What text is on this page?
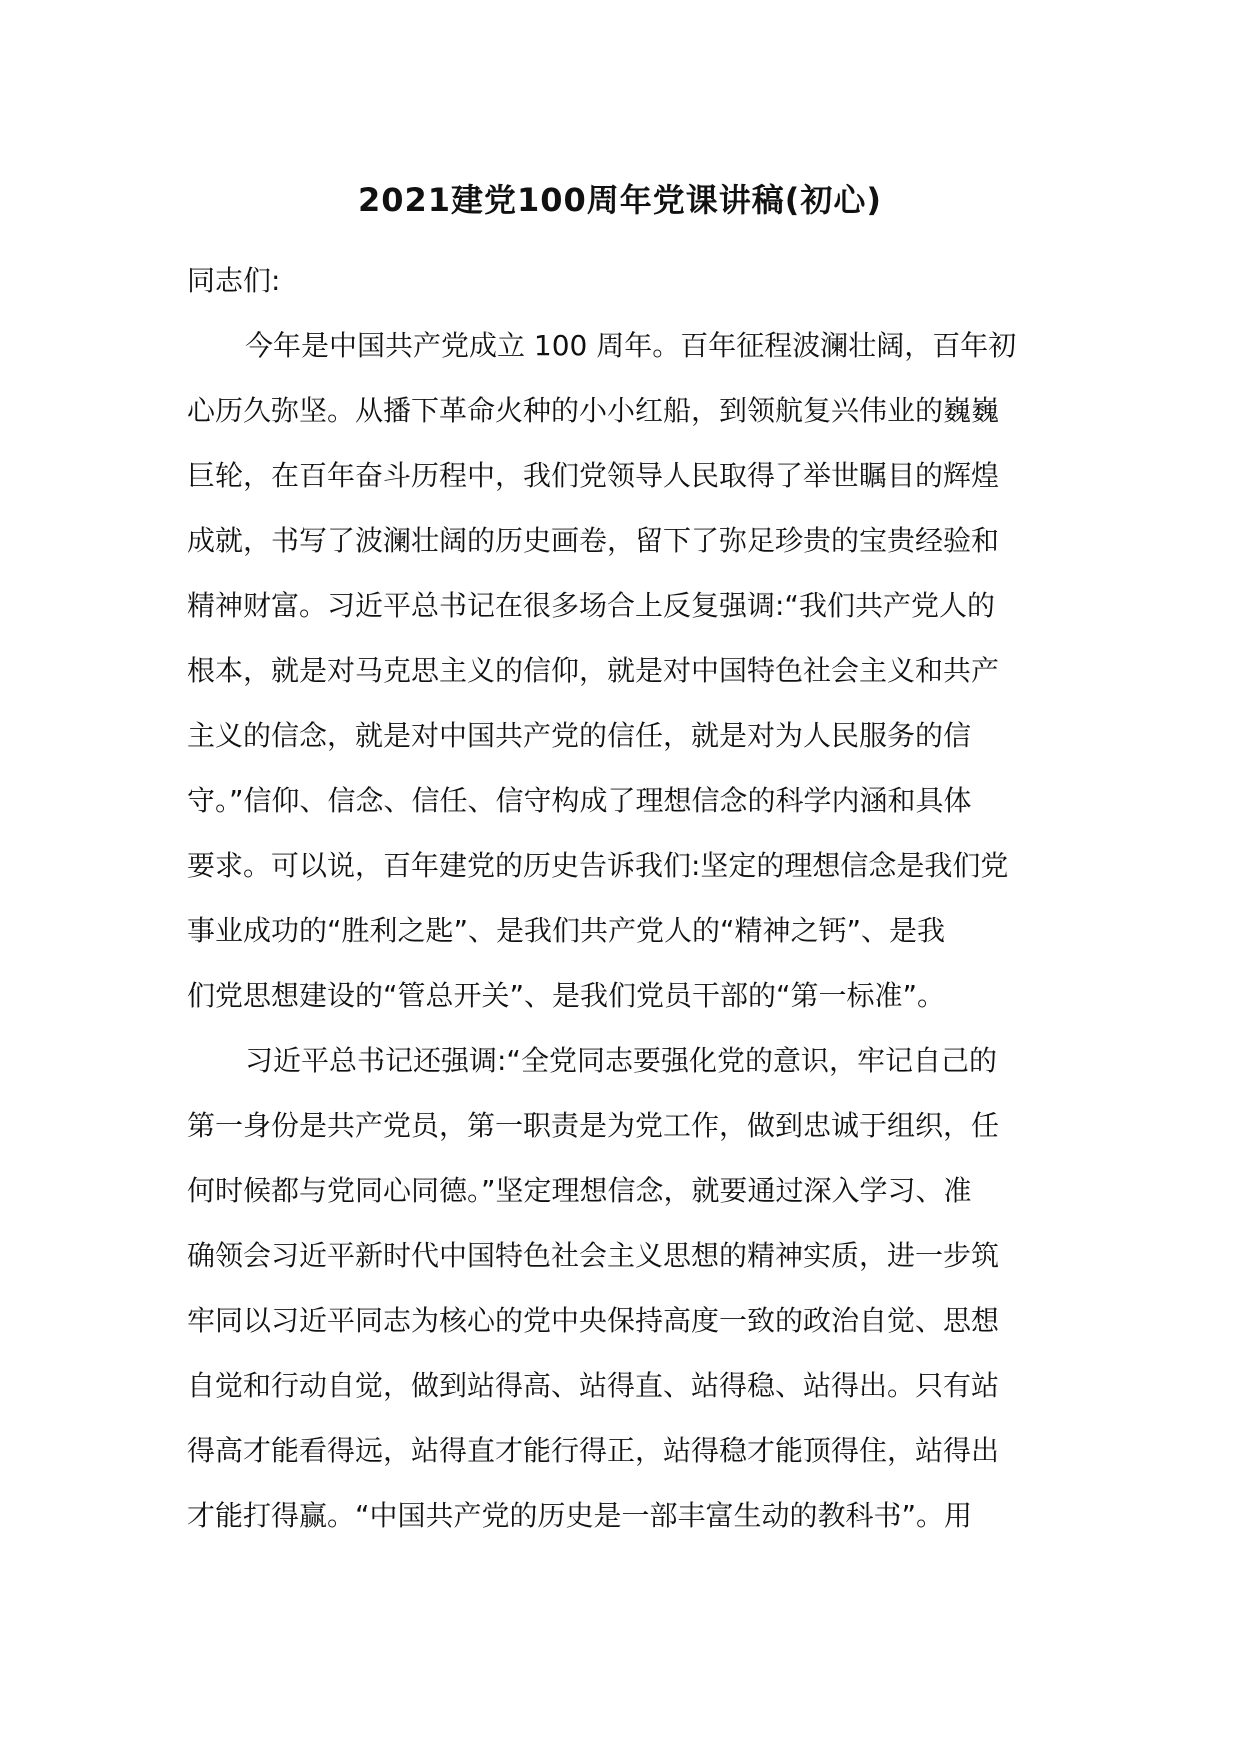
2021建党100周年党课讲稿(初心)
同志们:
今年是中国共产党成立 100 周年。百年征程波澜壮阔，百年初
心历久弥坚。从播下革命火种的小小红船，到领航复兴伟业的巍巍
巨轮，在百年奋斗历程中，我们党领导人民取得了举世瞩目的辉煌
成就，书写了波澜壮阔的历史画卷，留下了弥足珍贵的宝贵经验和
精神财富。习近平总书记在很多场合上反复强调:“我们共产党人的
根本，就是对马克思主义的信仰，就是对中国特色社会主义和共产
主义的信念，就是对中国共产党的信任，就是对为人民服务的信
守。”信仰、信念、信任、信守构成了理想信念的科学内涵和具体
要求。可以说，百年建党的历史告诉我们:坚定的理想信念是我们党
事业成功的“胜利之匙”、是我们共产党人的“精神之钙”、是我
们党思想建设的“管总开关”、是我们党员干部的“第一标准”。
习近平总书记还强调:“全党同志要强化党的意识，牢记自己的
第一身份是共产党员，第一职责是为党工作，做到忠诚于组织，任
何时候都与党同心同德。”坚定理想信念，就要通过深入学习、准
确领会习近平新时代中国特色社会主义思想的精神实质，进一步筑
牢同以习近平同志为核心的党中央保持高度一致的政治自觉、思想
自觉和行动自觉，做到站得高、站得直、站得稳、站得出。只有站
得高才能看得远，站得直才能行得正，站得稳才能顶得住，站得出
才能打得赢。“中国共产党的历史是一部丰富生动的教科书”。用
